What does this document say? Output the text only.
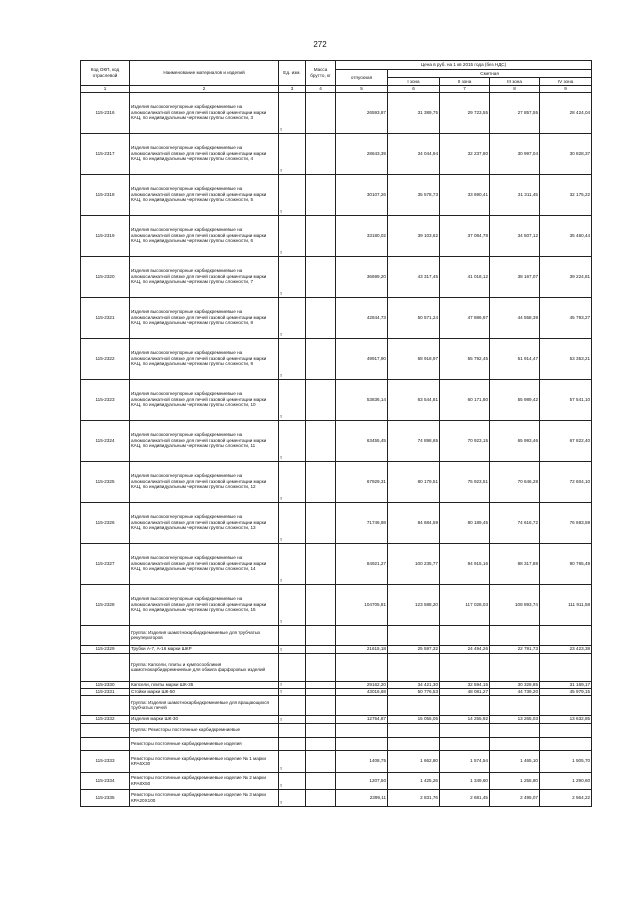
272
Код ОКП, код отраслевой	Наименование материалов и изделий	Ед. изм.	Масса брутто, кг	Цена в руб. на 1 кв 2015 года (без НДС)				
				отпускная	Сметная			
					I зона	II зона	III зона	IV зона
1	2	3	4	5	6	7	8	9
115-2316	Изделия высокоогнеупорные карбидкремниевые на алюмосиликатной связке для печей газовой цементации марки КАЦ, по индивидуальным чертежам группы сложности, 3	т		26593,87	31 389,75	29 723,55	27 857,55	28 424,04
115-2317	Изделия высокоогнеупорные карбидкремниевые на алюмосиликатной связке для печей газовой цементации марки КАЦ, по индивидуальным чертежам группы сложности, 4	т		28643,39	34 044,94	32 237,80	30 997,04	30 828,37
115-2318	Изделия высокоогнеупорные карбидкремниевые на алюмосиликатной связке для печей газовой цементации марки КАЦ, по индивидуальным чертежам группы сложности, 5	т		30107,26	35 578,73	33 690,41	31 311,45	32 175,22
115-2319	Изделия высокоогнеупорные карбидкремниевые на алюмосиликатной связке для печей газовой цементации марки КАЦ, по индивидуальным чертежам группы сложности, 6	т		33180,02	39 103,62	37 084,78	34 507,12	35 460,44
115-2320	Изделия высокоогнеупорные карбидкремниевые на алюмосиликатной связке для печей газовой цементации марки КАЦ, по индивидуальным чертежам группы сложности, 7	т		36699,20	43 317,45	41 018,12	38 167,07	39 224,81
115-2321	Изделия высокоогнеупорные карбидкремниевые на алюмосиликатной связке для печей газовой цементации марки КАЦ, по индивидуальным чертежам группы сложности, 8	т		42844,73	50 571,24	47 886,97	44 558,39	45 793,27
115-2322	Изделия высокоогнеупорные карбидкремниевые на алюмосиликатной связке для печей газовой цементации марки КАЦ, по индивидуальным чертежам группы сложности, 9	т		49917,90	58 918,97	55 792,45	51 914,47	53 353,21
115-2323	Изделия высокоогнеупорные карбидкремниевые на алюмосиликатной связке для печей газовой цементации марки КАЦ, по индивидуальным чертежам группы сложности, 10	т		53836,14	63 544,81	60 171,80	55 989,42	57 541,10
115-2324	Изделия высокоогнеупорные карбидкремниевые на алюмосиликатной связке для печей газовой цементации марки КАЦ, по индивидуальным чертежам группы сложности, 11	т		63455,45	74 898,65	70 923,15	65 993,46	67 822,40
115-2325	Изделия высокоогнеупорные карбидкремниевые на алюмосиликатной связке для печей газовой цементации марки КАЦ, по индивидуальным чертежам группы сложности, 12	т		67929,31	80 179,51	75 923,51	70 646,28	72 604,10
115-2326	Изделия высокоогнеупорные карбидкремниевые на алюмосиликатной связке для печей газовой цементации марки КАЦ, по индивидуальным чертежам группы сложности, 13	т		71746,98	84 684,59	80 189,45	74 616,72	76 683,59
115-2327	Изделия высокоогнеупорные карбидкремниевые на алюмосиликатной связке для печей газовой цементации марки КАЦ, по индивидуальным чертежам группы сложности, 14	т		84921,27	100 235,77	94 915,16	88 317,88	90 765,49
115-2328	Изделия высокоогнеупорные карбидкремниевые на алюмосиликатной связке для печей газовой цементации марки КАЦ, по индивидуальным чертежам группы сложности, 15	т		104705,81	123 588,20	117 028,03	108 893,74	111 911,58
	Группа: Изделия шамотнокарбидкремниевые для трубчатых рекуператоров							
115-2329	Трубки А-7, А-16 марки ШКР	т		21615,18	25 597,32	24 494,26	22 791,73	23 423,38
	Группа: Капсели, плиты и кумпосообликия шамотнокарбидкремниевые для обжига фарфоровых изделий							
115-2330	Капсели, плиты марки ШК-35	т		29162,20	34 421,30	32 594,15	30 328,85	31 169,17
115-2331	Стойки марки ШК-50	т		43016,68	50 776,53	48 081,27	44 739,20	45 979,15
	Группа: Изделия шамотнокарбидкремниевые для вращающихся трубчатых печей							
115-2332	Изделия марки ШК-30	т		12754,87	15 055,05	14 255,92	13 265,03	13 632,85
	Группа: Резисторы постоянные карбидкремниевые							
	Резисторы постоянные карбидкремниевые изделия							
115-2333	Резисторы постоянные карбидкремниевые изделие № 1 марки КРА6Х30	т		1408,75	1 662,80	1 574,54	1 465,10	1 505,70
115-2334	Резисторы постоянные карбидкремниевые изделие № 2 марки КРА8Х50	т		1207,50	1 425,26	1 349,60	1 255,80	1 290,60
115-2335	Резисторы постоянные карбидкремниевые изделие № 3 марки КРА20Х100	т		2399,11	2 831,76	2 681,45	2 495,07	2 564,22
